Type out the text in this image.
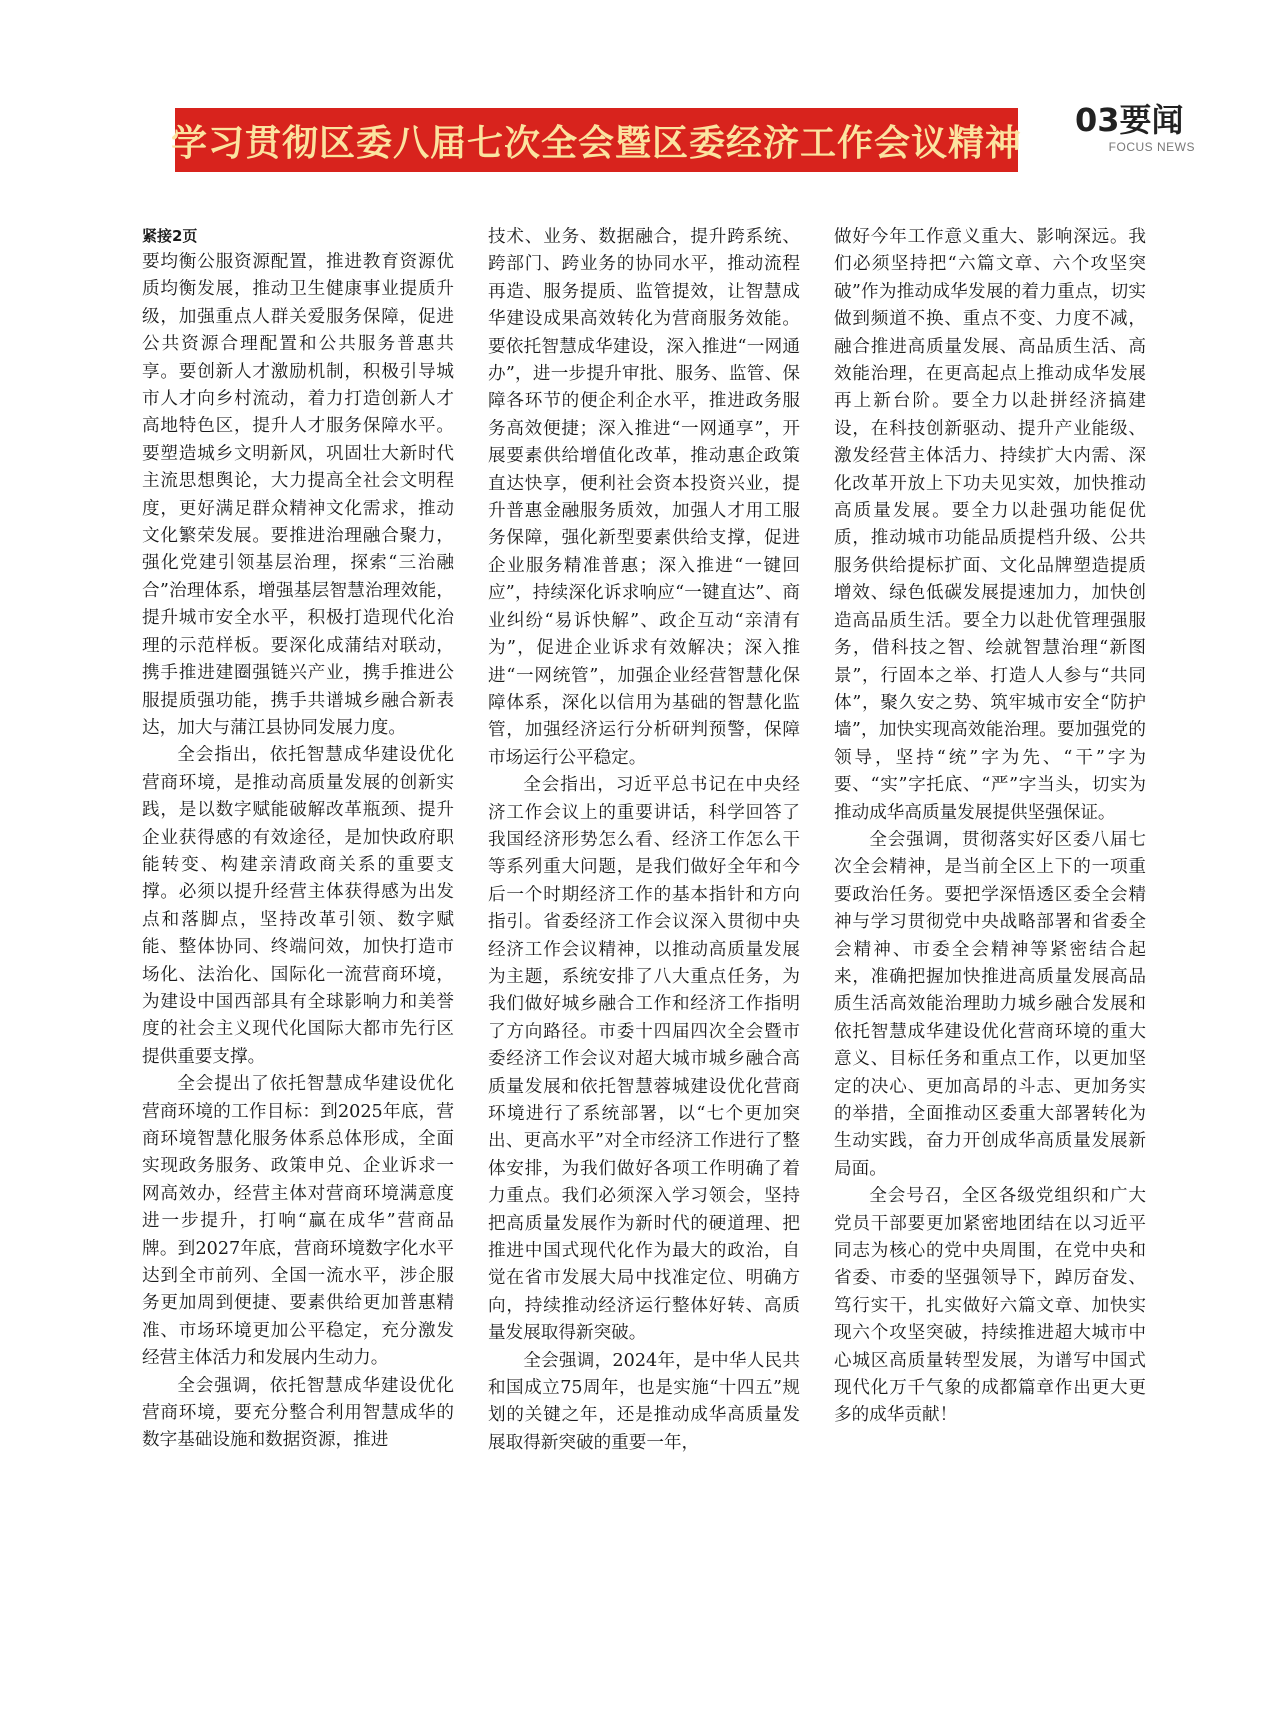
学习贯彻区委八届七次全会暨区委经济工作会议精神
03要闻
FOCUS NEWS
紧接2页

要均衡公服资源配置，推进教育资源优质均衡发展，推动卫生健康事业提质升级，加强重点人群关爱服务保障，促进公共资源合理配置和公共服务普惠共享。要创新人才激励机制，积极引导城市人才向乡村流动，着力打造创新人才高地特色区，提升人才服务保障水平。要塑造城乡文明新风，巩固壮大新时代主流思想舆论，大力提高全社会文明程度，更好满足群众精神文化需求，推动文化繁荣发展。要推进治理融合聚力，强化党建引领基层治理，探索“三治融合”治理体系，增强基层智慧治理效能，提升城市安全水平，积极打造现代化治理的示范样板。要深化成蒲结对联动，携手推进建圈强链兴产业，携手推进公服提质强功能，携手共谱城乡融合新表达，加大与蒲江县协同发展力度。

全会指出，依托智慧成华建设优化营商环境，是推动高质量发展的创新实践，是以数字赋能破解改革瓶颈、提升企业获得感的有效途径，是加快政府职能转变、构建亲清政商关系的重要支撑。必须以提升经营主体获得感为出发点和落脚点，坚持改革引领、数字赋能、整体协同、终端问效，加快打造市场化、法治化、国际化一流营商环境，为建设中国西部具有全球影响力和美誉度的社会主义现代化国际大都市先行区提供重要支撑。

全会提出了依托智慧成华建设优化营商环境的工作目标：到2025年底，营商环境智慧化服务体系总体形成，全面实现政务服务、政策申兑、企业诉求一网高效办，经营主体对营商环境满意度进一步提升，打响“赢在成华”营商品牌。到2027年底，营商环境数字化水平达到全市前列、全国一流水平，涉企服务更加周到便捷、要素供给更加普惠精准、市场环境更加公平稳定，充分激发经营主体活力和发展内生动力。

全会强调，依托智慧成华建设优化营商环境，要充分整合利用智慧成华的数字基础设施和数据资源，推进

技术、业务、数据融合，提升跨系统、跨部门、跨业务的协同水平，推动流程再造、服务提质、监管提效，让智慧成华建设成果高效转化为营商服务效能。要依托智慧成华建设，深入推进“一网通办”，进一步提升审批、服务、监管、保障各环节的便企利企水平，推进政务服务高效便捷；深入推进“一网通享”，开展要素供给增值化改革，推动惠企政策直达快享，便利社会资本投资兴业，提升普惠金融服务质效，加强人才用工服务保障，强化新型要素供给支撑，促进企业服务精准普惠；深入推进“一键回应”，持续深化诉求响应“一键直达”、商业纠纷“易诉快解”、政企互动“亲清有为”，促进企业诉求有效解决；深入推进“一网统管”，加强企业经营智慧化保障体系，深化以信用为基础的智慧化监管，加强经济运行分析研判预警，保障市场运行公平稳定。

全会指出，习近平总书记在中央经济工作会议上的重要讲话，科学回答了我国经济形势怎么看、经济工作怎么干等系列重大问题，是我们做好全年和今后一个时期经济工作的基本指针和方向指引。省委经济工作会议深入贯彻中央经济工作会议精神，以推动高质量发展为主题，系统安排了八大重点任务，为我们做好城乡融合工作和经济工作指明了方向路径。市委十四届四次全会暨市委经济工作会议对超大城市城乡融合高质量发展和依托智慧蓉城建设优化营商环境进行了系统部署，以“七个更加突出、更高水平”对全市经济工作进行了整体安排，为我们做好各项工作明确了着力重点。我们必须深入学习领会，坚持把高质量发展作为新时代的硬道理、把推进中国式现代化作为最大的政治，自觉在省市发展大局中找准定位、明确方向，持续推动经济运行整体好转、高质量发展取得新突破。

全会强调，2024年，是中华人民共和国成立75周年，也是实施“十四五”规划的关键之年，还是推动成华高质量发展取得新突破的重要一年，

做好今年工作意义重大、影响深远。我们必须坚持把“六篇文章、六个攻坚突破”作为推动成华发展的着力重点，切实做到频道不换、重点不变、力度不减，融合推进高质量发展、高品质生活、高效能治理，在更高起点上推动成华发展再上新台阶。要全力以赴拼经济搞建设，在科技创新驱动、提升产业能级、激发经营主体活力、持续扩大内需、深化改革开放上下功夫见实效，加快推动高质量发展。要全力以赴强功能促优质，推动城市功能品质提档升级、公共服务供给提标扩面、文化品牌塑造提质增效、绿色低碳发展提速加力，加快创造高品质生活。要全力以赴优管理强服务，借科技之智、绘就智慧治理“新图景”，行固本之举、打造人人参与“共同体”，聚久安之势、筑牢城市安全“防护墙”，加快实现高效能治理。要加强党的领导，坚持“统”字为先、“干”字为要、“实”字托底、“严”字当头，切实为推动成华高质量发展提供坚强保证。

全会强调，贯彻落实好区委八届七次全会精神，是当前全区上下的一项重要政治任务。要把学深悟透区委全会精神与学习贯彻党中央战略部署和省委全会精神、市委全会精神等紧密结合起来，准确把握加快推进高质量发展高品质生活高效能治理助力城乡融合发展和依托智慧成华建设优化营商环境的重大意义、目标任务和重点工作，以更加坚定的决心、更加高昂的斗志、更加务实的举措，全面推动区委重大部署转化为生动实践，奋力开创成华高质量发展新局面。

全会号召，全区各级党组织和广大党员干部要更加紧密地团结在以习近平同志为核心的党中央周围，在党中央和省委、市委的坚强领导下，踔厉奋发、笃行实干，扎实做好六篇文章、加快实现六个攻坚突破，持续推进超大城市中心城区高质量转型发展，为谱写中国式现代化万千气象的成都篇章作出更大更多的成华贡献！
